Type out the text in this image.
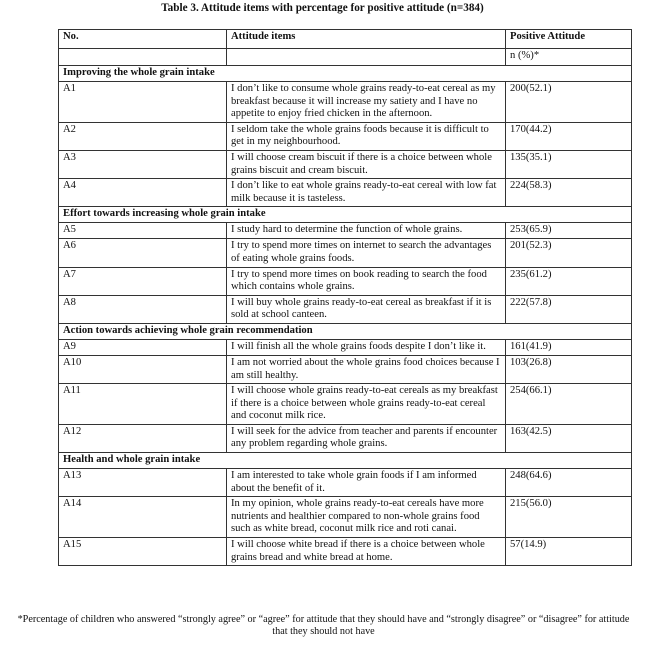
Table 3. Attitude items with percentage for positive attitude (n=384)
No.	Attitude items	Positive Attitude
		n (%)*
Improving the whole grain intake		
A1	I don’t like to consume whole grains ready-to-eat cereal as my breakfast because it will increase my satiety and I have no appetite to enjoy fried chicken in the afternoon.	200(52.1)
A2	I seldom take the whole grains foods because it is difficult to get in my neighbourhood.	170(44.2)
A3	I will choose cream biscuit if there is a choice between whole grains biscuit and cream biscuit.	135(35.1)
A4	I don’t like to eat whole grains ready-to-eat cereal with low fat milk because it is tasteless.	224(58.3)
Effort towards increasing whole grain intake		
A5	I study hard to determine the function of whole grains.	253(65.9)
A6	I try to spend more times on internet to search the advantages of eating whole grains foods.	201(52.3)
A7	I try to spend more times on book reading to search the food which contains whole grains.	235(61.2)
A8	I will buy whole grains ready-to-eat cereal as breakfast if it is sold at school canteen.	222(57.8)
Action towards achieving whole grain recommendation		
A9	I will finish all the whole grains foods despite I don’t like it.	161(41.9)
A10	I am not worried about the whole grains food choices because I am still healthy.	103(26.8)
A11	I will choose whole grains ready-to-eat cereals as my breakfast if there is a choice between whole grains ready-to-eat cereal and coconut milk rice.	254(66.1)
A12	I will seek for the advice from teacher and parents if encounter any problem regarding whole grains.	163(42.5)
Health and whole grain intake		
A13	I am interested to take whole grain foods if I am informed about the benefit of it.	248(64.6)
A14	In my opinion, whole grains ready-to-eat cereals have more nutrients and healthier compared to non-whole grains food such as white bread, coconut milk rice and roti canai.	215(56.0)
A15	I will choose white bread if there is a choice between whole grains bread and white bread at home.	57(14.9)
*Percentage of children who answered “strongly agree” or “agree” for attitude that they should have and “strongly disagree” or “disagree” for attitude that they should not have
